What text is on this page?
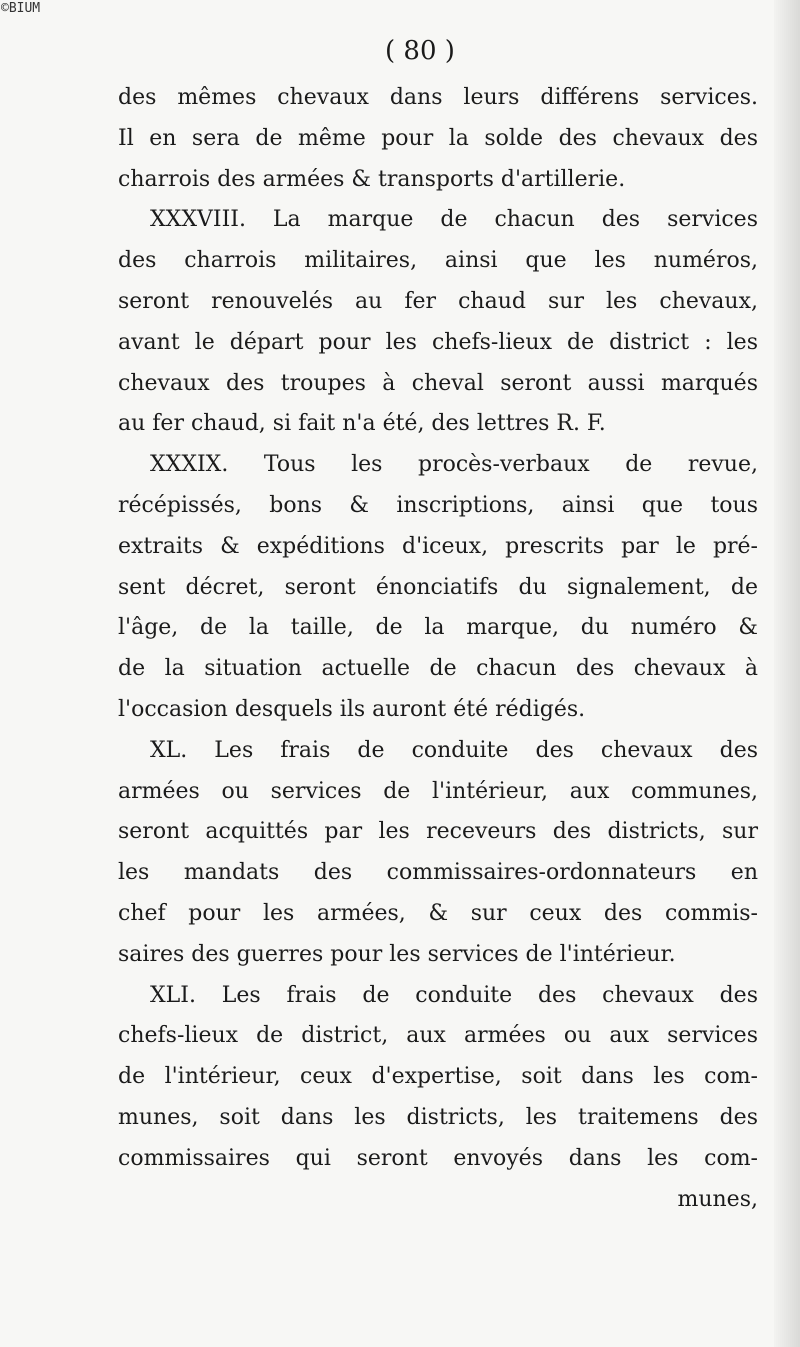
©BIUM
( 80 )
des mêmes chevaux dans leurs différens services.
Il en sera de même pour la solde des chevaux des
charrois des armées & transports d'artillerie.
XXXVIII. La marque de chacun des services
des charrois militaires, ainsi que les numéros,
seront renouvelés au fer chaud sur les chevaux,
avant le départ pour les chefs-lieux de district : les
chevaux des troupes à cheval seront aussi marqués
au fer chaud, si fait n'a été, des lettres R. F.
XXXIX. Tous les procès-verbaux de revue,
récépissés, bons & inscriptions, ainsi que tous
extraits & expéditions d'iceux, prescrits par le pré-
sent décret, seront énonciatifs du signalement, de
l'âge, de la taille, de la marque, du numéro &
de la situation actuelle de chacun des chevaux à
l'occasion desquels ils auront été rédigés.
XL. Les frais de conduite des chevaux des
armées ou services de l'intérieur, aux communes,
seront acquittés par les receveurs des districts, sur
les mandats des commissaires-ordonnateurs en
chef pour les armées, & sur ceux des commis-
saires des guerres pour les services de l'intérieur.
XLI. Les frais de conduite des chevaux des
chefs-lieux de district, aux armées ou aux services
de l'intérieur, ceux d'expertise, soit dans les com-
munes, soit dans les districts, les traitemens des
commissaires qui seront envoyés dans les com-
munes,
